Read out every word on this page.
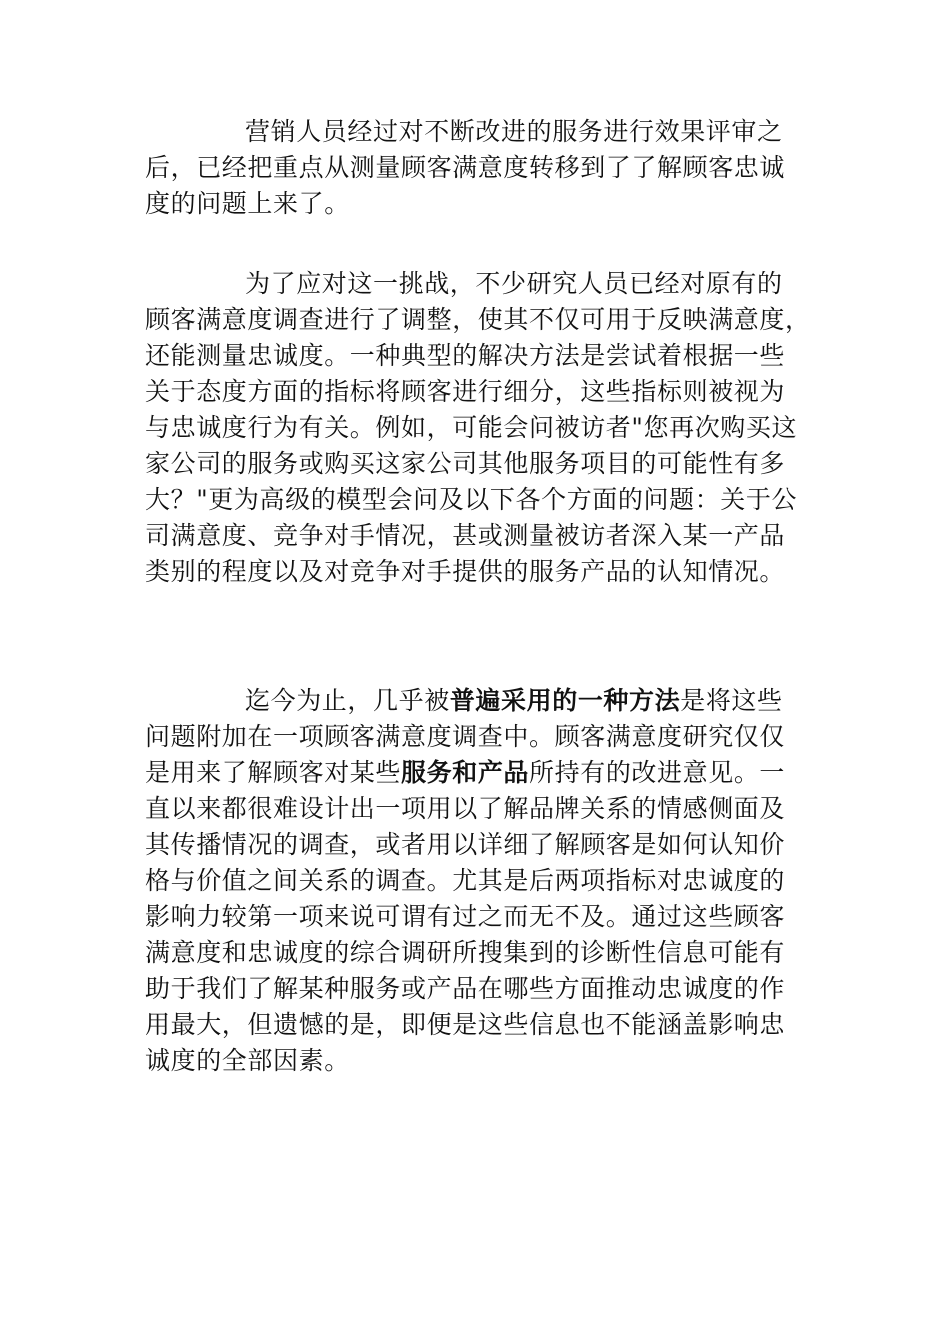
营销人员经过对不断改进的服务进行效果评审之
后，已经把重点从测量顾客满意度转移到了了解顾客忠诚
度的问题上来了。
为了应对这一挑战，不少研究人员已经对原有的
顾客满意度调查进行了调整，使其不仅可用于反映满意度，
还能测量忠诚度。一种典型的解决方法是尝试着根据一些
关于态度方面的指标将顾客进行细分，这些指标则被视为
与忠诚度行为有关。例如，可能会问被访者"您再次购买这
家公司的服务或购买这家公司其他服务项目的可能性有多
大？"更为高级的模型会问及以下各个方面的问题：关于公
司满意度、竞争对手情况，甚或测量被访者深入某一产品
类别的程度以及对竞争对手提供的服务产品的认知情况。
迄今为止，几乎被普遍采用的一种方法是将这些
问题附加在一项顾客满意度调查中。顾客满意度研究仅仅
是用来了解顾客对某些服务和产品所持有的改进意见。一
直以来都很难设计出一项用以了解品牌关系的情感侧面及
其传播情况的调查，或者用以详细了解顾客是如何认知价
格与价值之间关系的调查。尤其是后两项指标对忠诚度的
影响力较第一项来说可谓有过之而无不及。通过这些顾客
满意度和忠诚度的综合调研所搜集到的诊断性信息可能有
助于我们了解某种服务或产品在哪些方面推动忠诚度的作
用最大，但遗憾的是，即便是这些信息也不能涵盖影响忠
诚度的全部因素。
